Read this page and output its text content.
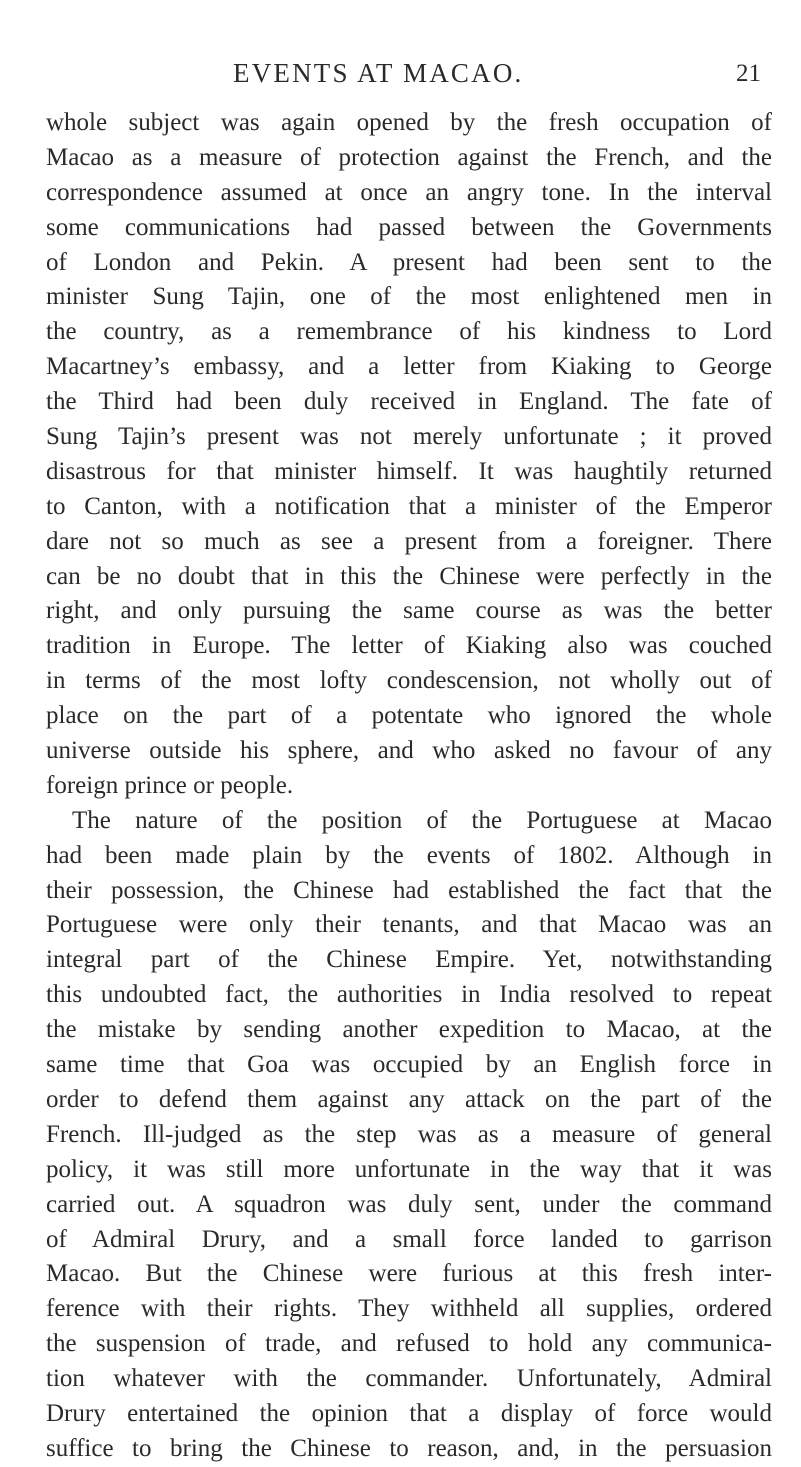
EVENTS AT MACAO.	21
whole subject was again opened by the fresh occupation of
Macao as a measure of protection against the French, and the
correspondence assumed at once an angry tone. In the interval
some communications had passed between the Governments
of London and Pekin. A present had been sent to the
minister Sung Tajin, one of the most enlightened men in
the country, as a remembrance of his kindness to Lord
Macartney’s embassy, and a letter from Kiaking to George
the Third had been duly received in England. The fate of
Sung Tajin’s present was not merely unfortunate ; it proved
disastrous for that minister himself. It was haughtily returned
to Canton, with a notification that a minister of the Emperor
dare not so much as see a present from a foreigner. There
can be no doubt that in this the Chinese were perfectly in the
right, and only pursuing the same course as was the better
tradition in Europe. The letter of Kiaking also was couched
in terms of the most lofty condescension, not wholly out of
place on the part of a potentate who ignored the whole
universe outside his sphere, and who asked no favour of any
foreign prince or people.
The nature of the position of the Portuguese at Macao
had been made plain by the events of 1802. Although in
their possession, the Chinese had established the fact that the
Portuguese were only their tenants, and that Macao was an
integral part of the Chinese Empire. Yet, notwithstanding
this undoubted fact, the authorities in India resolved to repeat
the mistake by sending another expedition to Macao, at the
same time that Goa was occupied by an English force in
order to defend them against any attack on the part of the
French. Ill-judged as the step was as a measure of general
policy, it was still more unfortunate in the way that it was
carried out. A squadron was duly sent, under the command
of Admiral Drury, and a small force landed to garrison
Macao. But the Chinese were furious at this fresh inter-
ference with their rights. They withheld all supplies, ordered
the suspension of trade, and refused to hold any communica-
tion whatever with the commander. Unfortunately, Admiral
Drury entertained the opinion that a display of force would
suffice to bring the Chinese to reason, and, in the persuasion
